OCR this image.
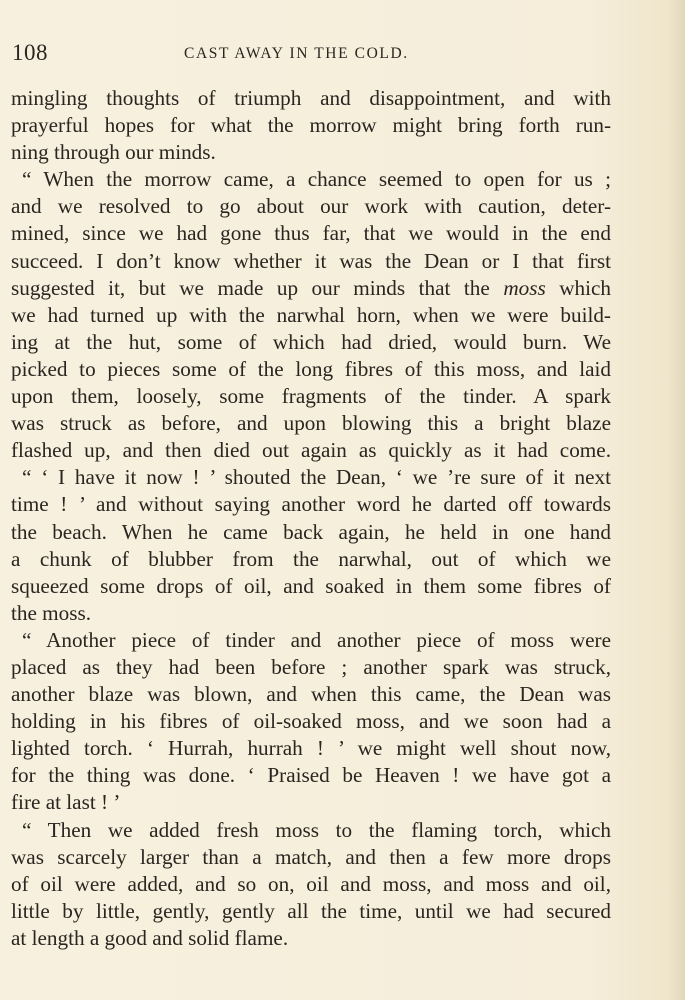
108	CAST AWAY IN THE COLD.
mingling thoughts of triumph and disappointment, and with
prayerful hopes for what the morrow might bring forth run-
ning through our minds.
“ When the morrow came, a chance seemed to open for us ;
and we resolved to go about our work with caution, deter-
mined, since we had gone thus far, that we would in the end
succeed. I don’t know whether it was the Dean or I that first
suggested it, but we made up our minds that the moss which
we had turned up with the narwhal horn, when we were build-
ing at the hut, some of which had dried, would burn. We
picked to pieces some of the long fibres of this moss, and laid
upon them, loosely, some fragments of the tinder. A spark
was struck as before, and upon blowing this a bright blaze
flashed up, and then died out again as quickly as it had come.
“ ‘ I have it now ! ’ shouted the Dean, ‘ we ’re sure of it next
time ! ’ and without saying another word he darted off towards
the beach. When he came back again, he held in one hand
a chunk of blubber from the narwhal, out of which we
squeezed some drops of oil, and soaked in them some fibres of
the moss.
“ Another piece of tinder and another piece of moss were
placed as they had been before ; another spark was struck,
another blaze was blown, and when this came, the Dean was
holding in his fibres of oil-soaked moss, and we soon had a
lighted torch. ‘ Hurrah, hurrah ! ’ we might well shout now,
for the thing was done. ‘ Praised be Heaven ! we have got a
fire at last ! ’
“ Then we added fresh moss to the flaming torch, which
was scarcely larger than a match, and then a few more drops
of oil were added, and so on, oil and moss, and moss and oil,
little by little, gently, gently all the time, until we had secured
at length a good and solid flame.
